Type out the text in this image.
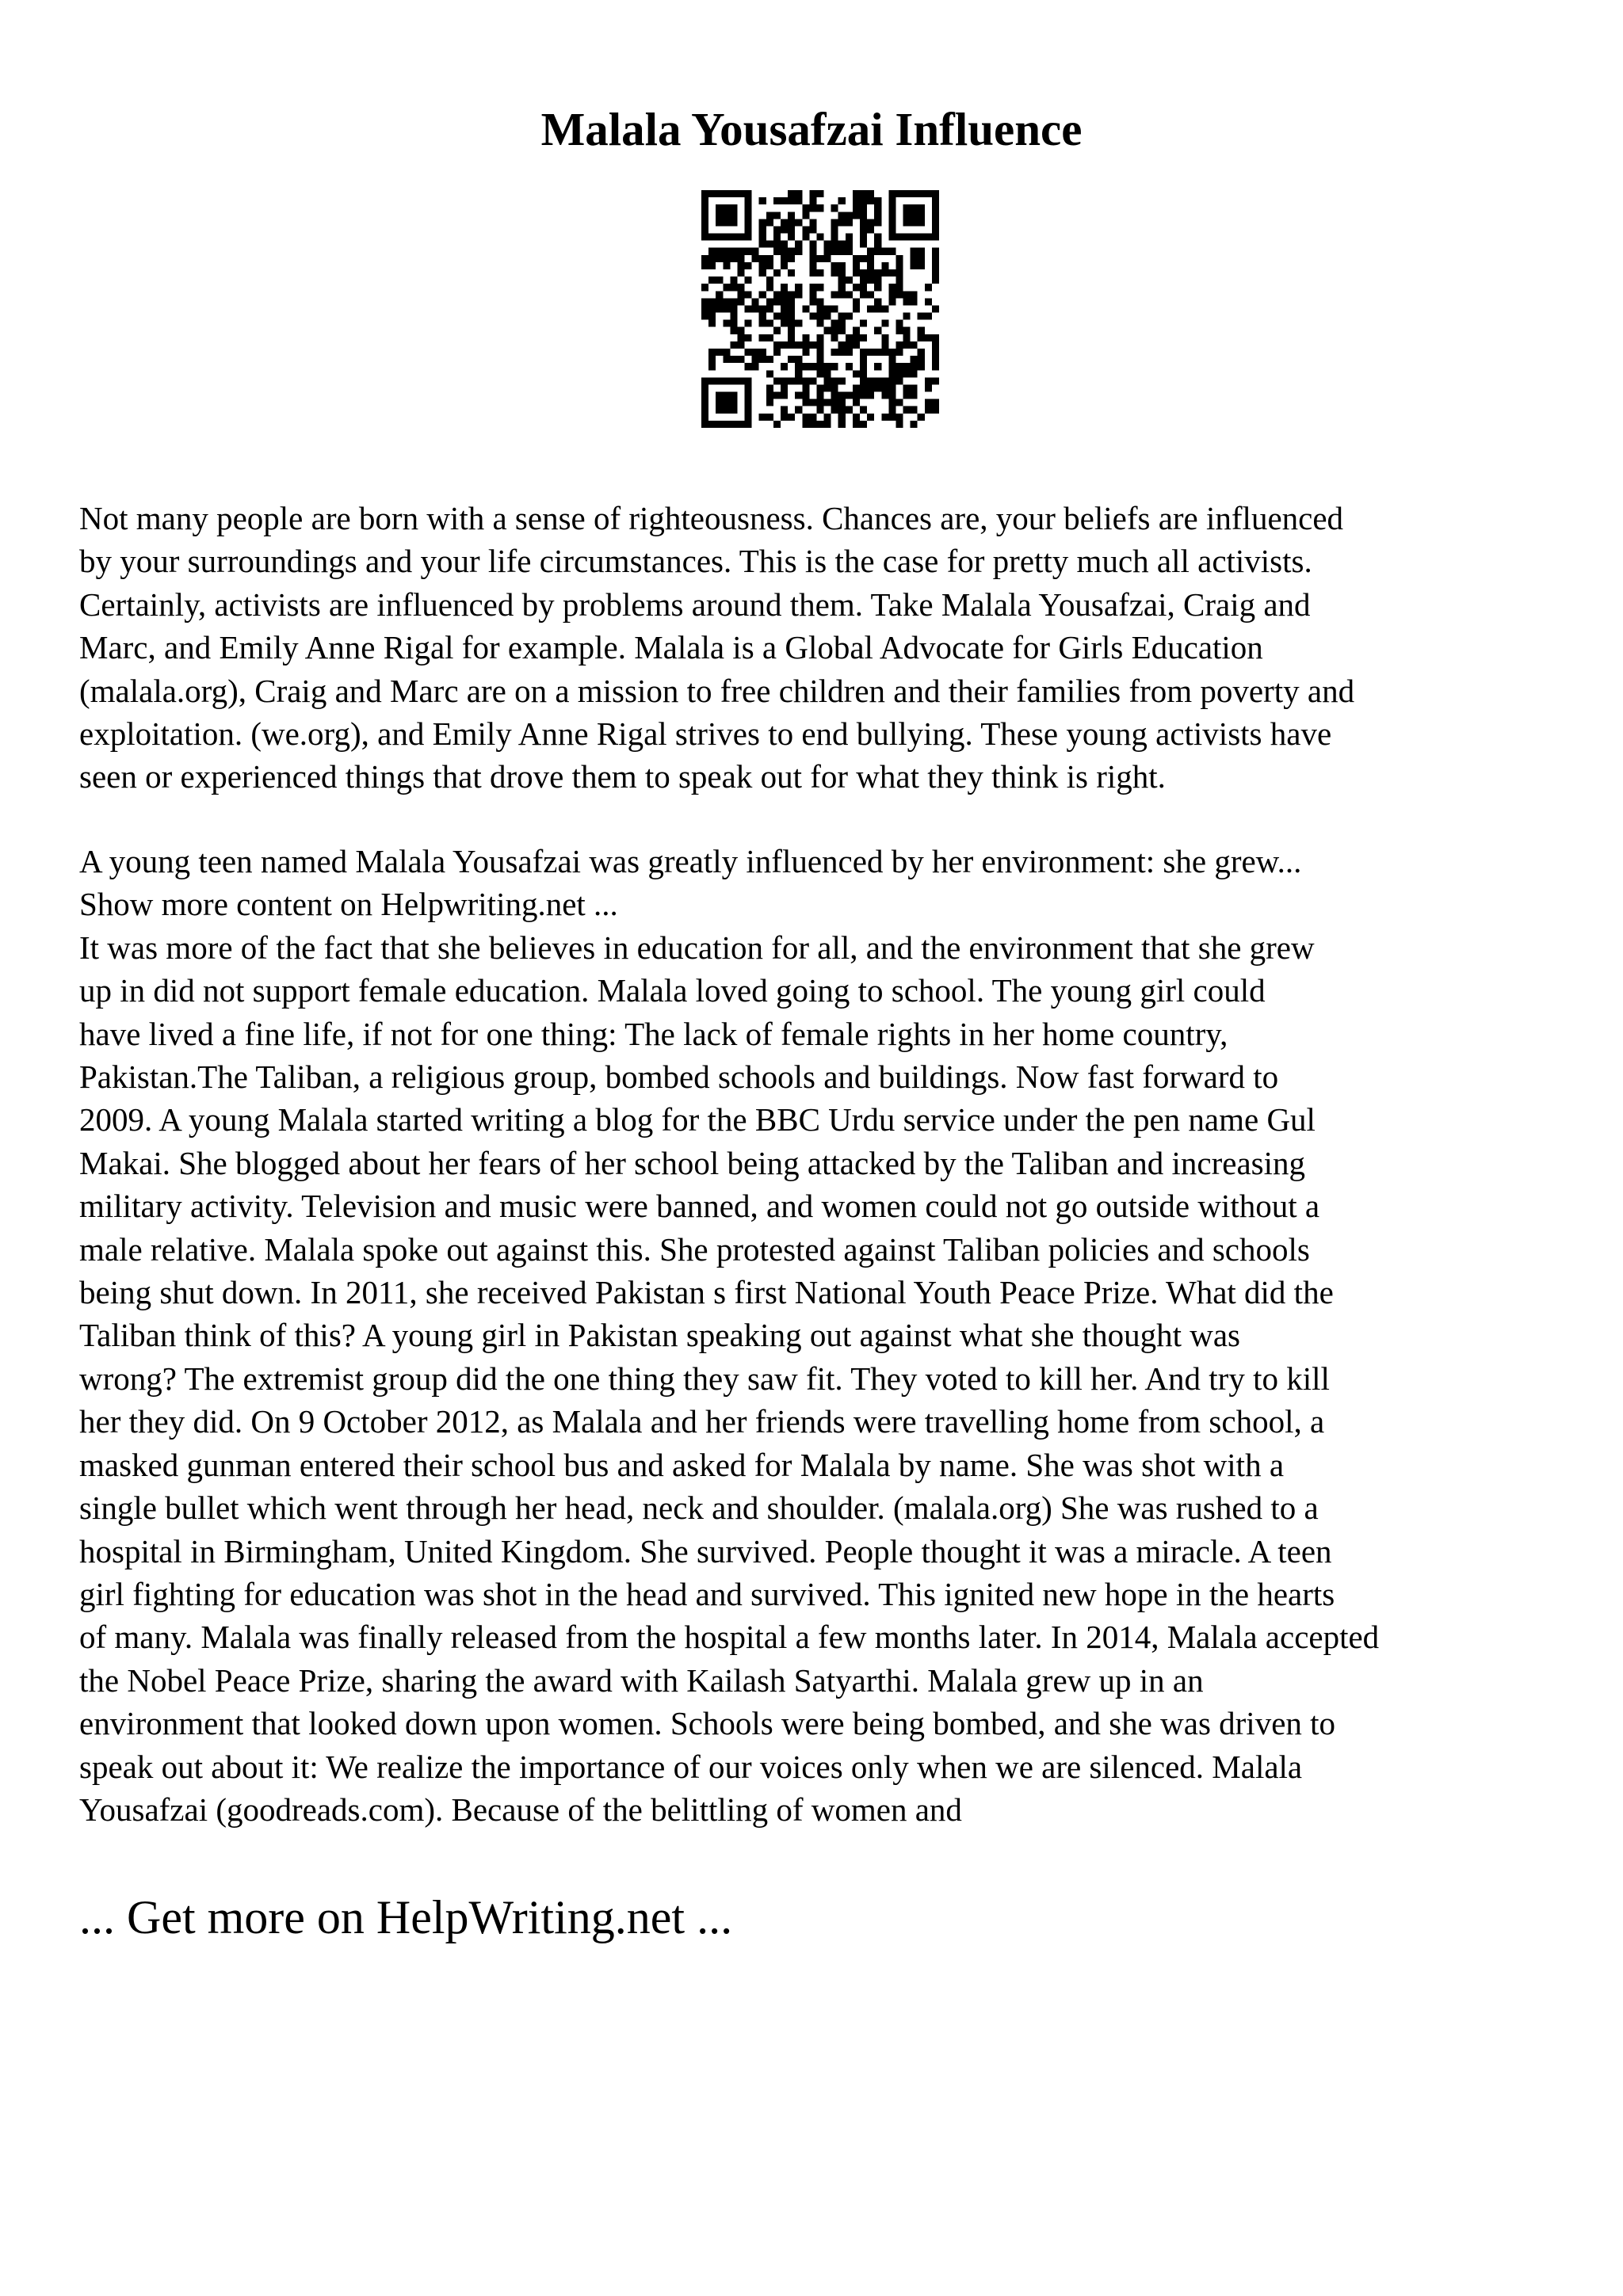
Malala Yousafzai Influence
Not many people are born with a sense of righteousness. Chances are, your beliefs are influenced
by your surroundings and your life circumstances. This is the case for pretty much all activists.
Certainly, activists are influenced by problems around them. Take Malala Yousafzai, Craig and
Marc, and Emily Anne Rigal for example. Malala is a Global Advocate for Girls Education
(malala.org), Craig and Marc are on a mission to free children and their families from poverty and
exploitation. (we.org), and Emily Anne Rigal strives to end bullying. These young activists have
seen or experienced things that drove them to speak out for what they think is right.
A young teen named Malala Yousafzai was greatly influenced by her environment: she grew...
Show more content on Helpwriting.net ...
It was more of the fact that she believes in education for all, and the environment that she grew
up in did not support female education. Malala loved going to school. The young girl could
have lived a fine life, if not for one thing: The lack of female rights in her home country,
Pakistan.The Taliban, a religious group, bombed schools and buildings. Now fast forward to
2009. A young Malala started writing a blog for the BBC Urdu service under the pen name Gul
Makai. She blogged about her fears of her school being attacked by the Taliban and increasing
military activity. Television and music were banned, and women could not go outside without a
male relative. Malala spoke out against this. She protested against Taliban policies and schools
being shut down. In 2011, she received Pakistan s first National Youth Peace Prize. What did the
Taliban think of this? A young girl in Pakistan speaking out against what she thought was
wrong? The extremist group did the one thing they saw fit. They voted to kill her. And try to kill
her they did. On 9 October 2012, as Malala and her friends were travelling home from school, a
masked gunman entered their school bus and asked for Malala by name. She was shot with a
single bullet which went through her head, neck and shoulder. (malala.org) She was rushed to a
hospital in Birmingham, United Kingdom. She survived. People thought it was a miracle. A teen
girl fighting for education was shot in the head and survived. This ignited new hope in the hearts
of many. Malala was finally released from the hospital a few months later. In 2014, Malala accepted
the Nobel Peace Prize, sharing the award with Kailash Satyarthi. Malala grew up in an
environment that looked down upon women. Schools were being bombed, and she was driven to
speak out about it: We realize the importance of our voices only when we are silenced. Malala
Yousafzai (goodreads.com). Because of the belittling of women and
... Get more on HelpWriting.net ...
